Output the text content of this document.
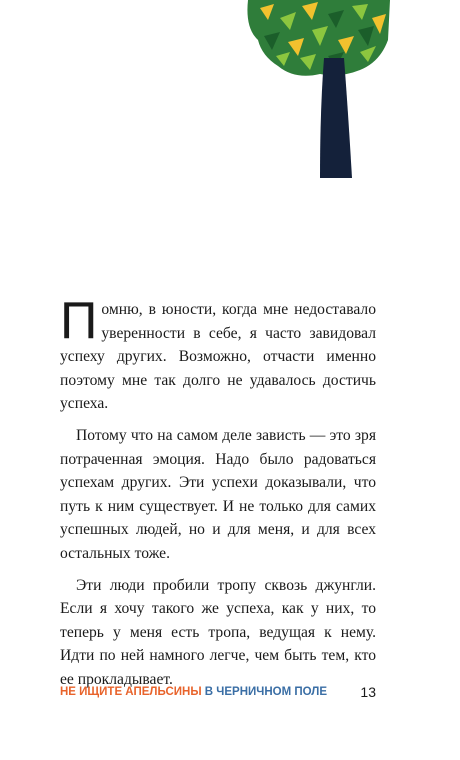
Помню, в юности, когда мне недоставало уверенности в себе, я часто завидовал успеху других. Возможно, отчасти именно поэтому мне так долго не удавалось достичь успеха.

Потому что на самом деле зависть — это зря потраченная эмоция. Надо было радоваться успехам других. Эти успехи доказывали, что путь к ним существует. И не только для самих успешных людей, но и для меня, и для всех остальных тоже.

Эти люди пробили тропу сквозь джунгли. Если я хочу такого же успеха, как у них, то теперь у меня есть тропа, ведущая к нему. Идти по ней намного легче, чем быть тем, кто ее прокладывает.

НЕ ИЩИТЕ АПЕЛЬСИНЫ В ЧЕРНИЧНОМ ПОЛЕ 13
